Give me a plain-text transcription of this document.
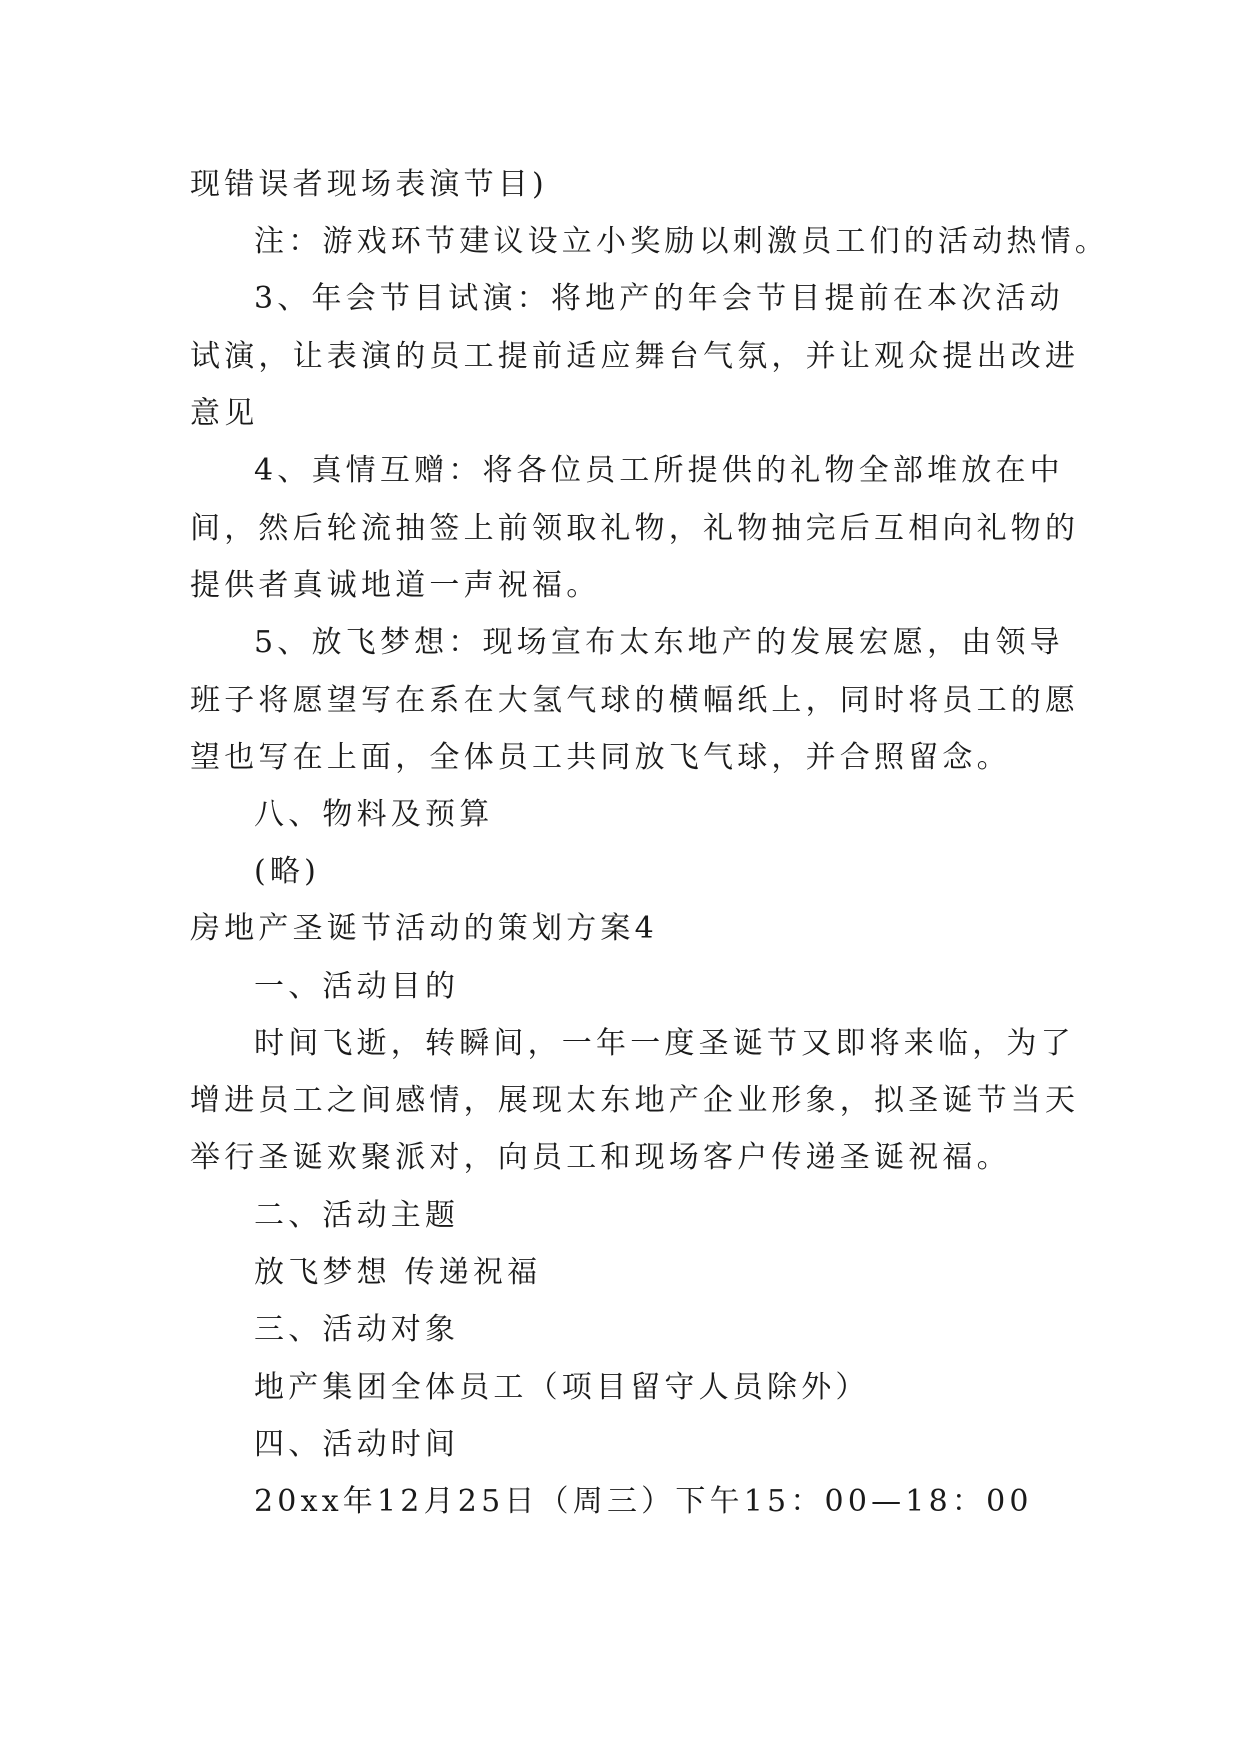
现错误者现场表演节目)
注：游戏环节建议设立小奖励以刺激员工们的活动热情。
3、年会节目试演：将地产的年会节目提前在本次活动
试演，让表演的员工提前适应舞台气氛，并让观众提出改进
意见
4、真情互赠：将各位员工所提供的礼物全部堆放在中
间，然后轮流抽签上前领取礼物，礼物抽完后互相向礼物的
提供者真诚地道一声祝福。
5、放飞梦想：现场宣布太东地产的发展宏愿，由领导
班子将愿望写在系在大氢气球的横幅纸上，同时将员工的愿
望也写在上面，全体员工共同放飞气球，并合照留念。
八、物料及预算
(略)
房地产圣诞节活动的策划方案4
一、活动目的
时间飞逝，转瞬间，一年一度圣诞节又即将来临，为了
增进员工之间感情，展现太东地产企业形象，拟圣诞节当天
举行圣诞欢聚派对，向员工和现场客户传递圣诞祝福。
二、活动主题
放飞梦想 传递祝福
三、活动对象
地产集团全体员工（项目留守人员除外）
四、活动时间
20xx年12月25日（周三）下午15：00—18：00
